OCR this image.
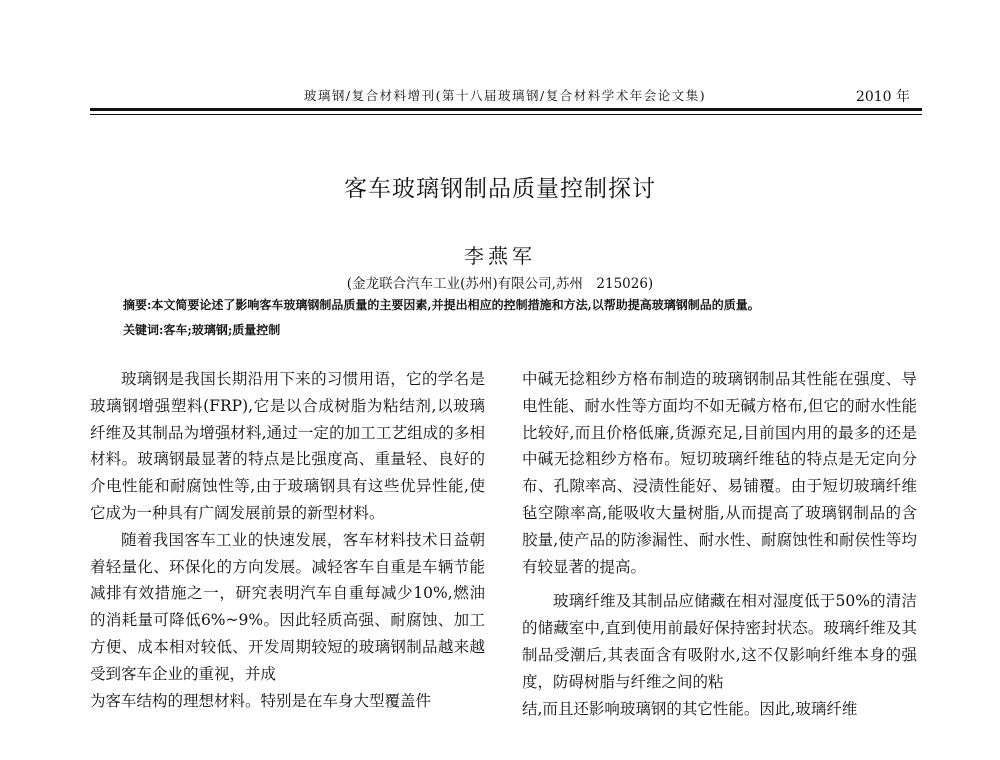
玻璃钢/复合材料增刊(第十八届玻璃钢/复合材料学术年会论文集)	2010 年
客车玻璃钢制品质量控制探讨
李燕军
(金龙联合汽车工业(苏州)有限公司,苏州　215026)
摘要:本文简要论述了影响客车玻璃钢制品质量的主要因素,并提出相应的控制措施和方法,以帮助提高玻璃钢制品的质量。
关键词:客车;玻璃钢;质量控制

玻璃钢是我国长期沿用下来的习惯用语，它的学名是玻璃钢增强塑料(FRP),它是以合成树脂为粘结剂,以玻璃纤维及其制品为增强材料,通过一定的加工工艺组成的多相材料。玻璃钢最显著的特点是比强度高、重量轻、良好的介电性能和耐腐蚀性等,由于玻璃钢具有这些优异性能,使它成为一种具有广阔发展前景的新型材料。

随着我国客车工业的快速发展，客车材料技术日益朝着轻量化、环保化的方向发展。减轻客车自重是车辆节能减排有效措施之一，研究表明汽车自重每减少10%,燃油的消耗量可降低6%~9%。因此轻质高强、耐腐蚀、加工方便、成本相对较低、开发周期较短的玻璃钢制品越来越受到客车企业的重视，并成

为客车结构的理想材料。特别是在车身大型覆盖件

中碱无捻粗纱方格布制造的玻璃钢制品其性能在强度、导电性能、耐水性等方面均不如无碱方格布,但它的耐水性能比较好,而且价格低廉,货源充足,目前国内用的最多的还是中碱无捻粗纱方格布。短切玻璃纤维毡的特点是无定向分布、孔隙率高、浸渍性能好、易铺覆。由于短切玻璃纤维毡空隙率高,能吸收大量树脂,从而提高了玻璃钢制品的含胶量,使产品的防渗漏性、耐水性、耐腐蚀性和耐侯性等均有较显著的提高。

玻璃纤维及其制品应储藏在相对湿度低于50%的清洁的储藏室中,直到使用前最好保持密封状态。玻璃纤维及其制品受潮后,其表面含有吸附水,这不仅影响纤维本身的强度，防碍树脂与纤维之间的粘

结,而且还影响玻璃钢的其它性能。因此,玻璃纤维
